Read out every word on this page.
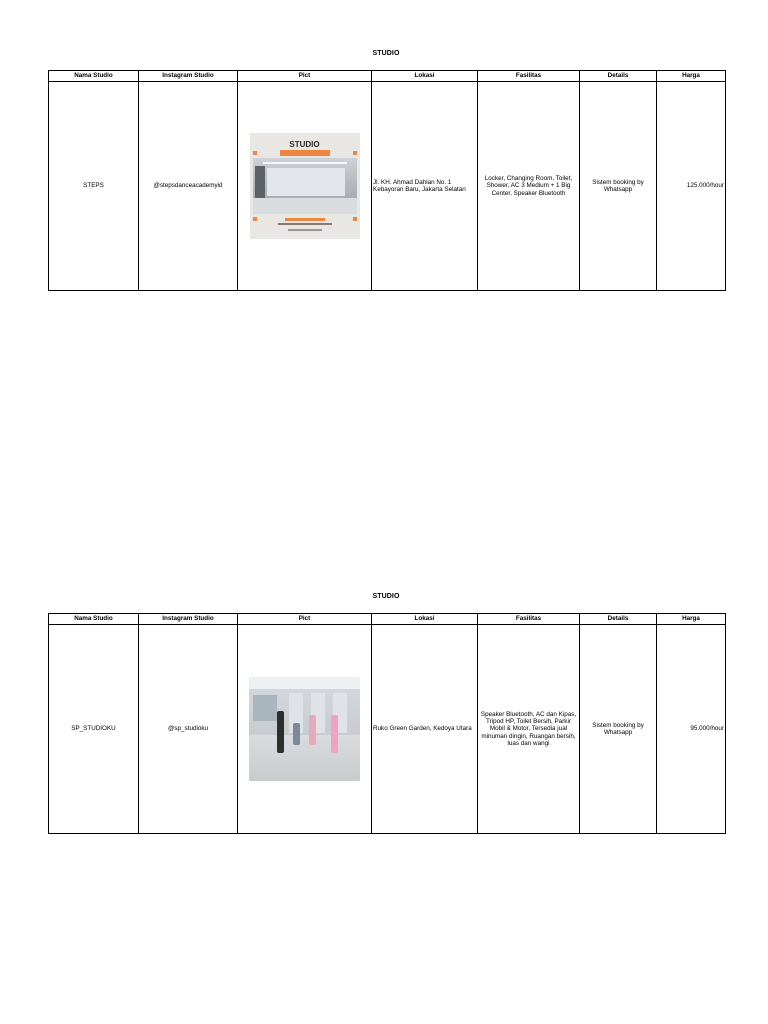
STUDIO
Nama Studio	Instagram Studio	Pict	Lokasi	Fasilitas	Details	Harga
STEPS	@stepsdanceacademyid	STUDIO	Jl. KH. Ahmad Dahlan No. 1 Kebayoran Baru, Jakarta Selatan	Locker, Changing Room, Toilet, Shower, AC 3 Medium + 1 Big Center, Speaker Bluetooth	Sistem booking by Whatsapp	125.000/hour
STUDIO
Nama Studio	Instagram Studio	Pict	Lokasi	Fasilitas	Details	Harga
SP_STUDIOKU	@sp_studioku		Ruko Green Garden, Kedoya Utara	Speaker Bluetooth, AC dan Kipas, Tripod HP, Toilet Bersih, Parkir Mobil & Motor, Tersedia jual minuman dingin, Ruangan bersih, luas dan wangi	Sistem booking by Whatsapp	95.000/hour
